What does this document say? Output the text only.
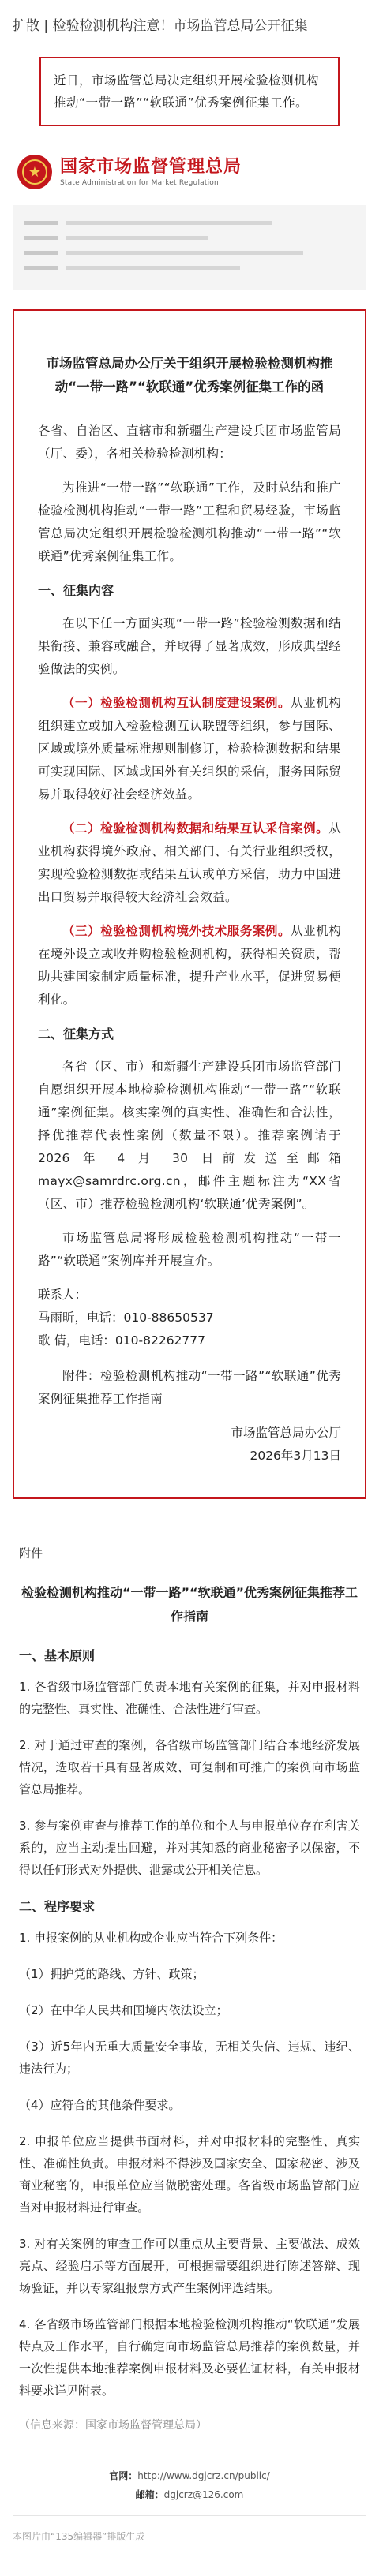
扩散 | 检验检测机构注意！市场监管总局公开征集
近日，市场监管总局决定组织开展检验检测机构推动“一带一路”“软联通”优秀案例征集工作。
★	国家市场监督管理总局
State Administration for Market Regulation
市场监管总局办公厅关于组织开展检验检测机构推动“一带一路”“软联通”优秀案例征集工作的函

各省、自治区、直辖市和新疆生产建设兵团市场监管局（厅、委），各相关检验检测机构：

为推进“一带一路”“软联通”工作，及时总结和推广检验检测机构推动“一带一路”工程和贸易经验，市场监管总局决定组织开展检验检测机构推动“一带一路”“软联通”优秀案例征集工作。

一、征集内容

在以下任一方面实现“一带一路”检验检测数据和结果衔接、兼容或融合，并取得了显著成效，形成典型经验做法的实例。

（一）检验检测机构互认制度建设案例。从业机构组织建立或加入检验检测互认联盟等组织，参与国际、区域或境外质量标准规则制修订，检验检测数据和结果可实现国际、区域或国外有关组织的采信，服务国际贸易并取得较好社会经济效益。

（二）检验检测机构数据和结果互认采信案例。从业机构获得境外政府、相关部门、有关行业组织授权，实现检验检测数据或结果互认或单方采信，助力中国进出口贸易并取得较大经济社会效益。

（三）检验检测机构境外技术服务案例。从业机构在境外设立或收并购检验检测机构，获得相关资质，帮助共建国家制定质量标准，提升产业水平，促进贸易便利化。

二、征集方式

各省（区、市）和新疆生产建设兵团市场监管部门自愿组织开展本地检验检测机构推动“一带一路”“软联通”案例征集。核实案例的真实性、准确性和合法性，择优推荐代表性案例（数量不限）。推荐案例请于 2026 年 4 月 30 日前发送至邮箱 mayx@samrdrc.org.cn，邮件主题标注为“XX省（区、市）推荐检验检测机构‘软联通’优秀案例”。

市场监管总局将形成检验检测机构推动“一带一路”“软联通”案例库并开展宣介。

联系人：
马雨昕，电话：010-88650537
歌 倩，电话：010-82262777

附件：检验检测机构推动“一带一路”“软联通”优秀案例征集推荐工作指南

市场监管总局办公厅
2026年3月13日
附件
检验检测机构推动“一带一路”“软联通”优秀案例征集推荐工作指南
一、基本原则

1. 各省级市场监管部门负责本地有关案例的征集，并对申报材料的完整性、真实性、准确性、合法性进行审查。

2. 对于通过审查的案例，各省级市场监管部门结合本地经济发展情况，选取若干具有显著成效、可复制和可推广的案例向市场监管总局推荐。

3. 参与案例审查与推荐工作的单位和个人与申报单位存在利害关系的，应当主动提出回避，并对其知悉的商业秘密予以保密，不得以任何形式对外提供、泄露或公开相关信息。

二、程序要求

1. 申报案例的从业机构或企业应当符合下列条件：

（1）拥护党的路线、方针、政策；

（2）在中华人民共和国境内依法设立；

（3）近5年内无重大质量安全事故，无相关失信、违规、违纪、违法行为；

（4）应符合的其他条件要求。

2. 申报单位应当提供书面材料，并对申报材料的完整性、真实性、准确性负责。申报材料不得涉及国家安全、国家秘密、涉及商业秘密的，申报单位应当做脱密处理。各省级市场监管部门应当对申报材料进行审查。

3. 对有关案例的审查工作可以重点从主要背景、主要做法、成效亮点、经验启示等方面展开，可根据需要组织进行陈述答辩、现场验证，并以专家组报票方式产生案例评选结果。

4. 各省级市场监管部门根据本地检验检测机构推动“软联通”发展特点及工作水平，自行确定向市场监管总局推荐的案例数量，并一次性提供本地推荐案例申报材料及必要佐证材料，有关申报材料要求详见附表。

（信息来源：国家市场监督管理总局）
官网：http://www.dgjcrz.cn/public/
邮箱：dgjcrz@126.com
本图片由“135编辑器”排版生成
